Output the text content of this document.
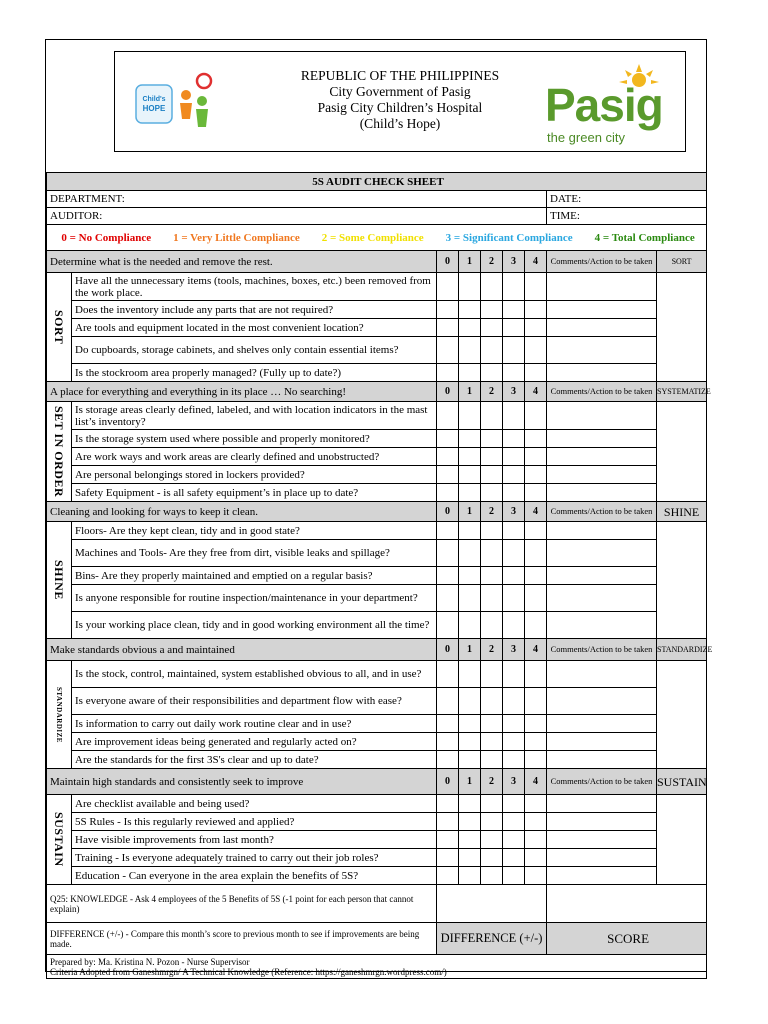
Child's
HOPE
REPUBLIC OF THE PHILIPPINES
City Government of Pasig
Pasig City Children’s Hospital
(Child’s Hope)	Pasig
the green city
5S AUDIT CHECK SHEET								
DEPARTMENT:							DATE:	
AUDITOR:							TIME:	
0 = No Compliance 1 = Very Little Compliance 2 = Some Compliance 3 = Significant Compliance 4 = Total Compliance								
Determine what is the needed and remove the rest.		0	1	2	3	4	Comments/Action to be taken	SORT

SORT	Have all the unnecessary items (tools, machines, boxes, etc.) been removed from the work place.							
	Does the inventory include any parts that are not required?							
	Are tools and equipment located in the most convenient location?							
	Do cupboards, storage cabinets, and shelves only contain essential items?							
	Is the stockroom area properly managed? (Fully up to date?)							
A place for everything and everything in its place … No searching!		0	1	2	3	4	Comments/Action to be taken	SYSTEMATIZE

SET IN ORDER	Is storage areas clearly defined, labeled, and with location indicators in the mast list’s inventory?							
	Is the storage system used where possible and properly monitored?							
	Are work ways and work areas are clearly defined and unobstructed?							
	Are personal belongings stored in lockers provided?							
	Safety Equipment - is all safety equipment’s in place up to date?							
Cleaning and looking for ways to keep it clean.		0	1	2	3	4	Comments/Action to be taken	SHINE

SHINE	Floors- Are they kept clean, tidy and in good state?							
	Machines and Tools- Are they free from dirt, visible leaks and spillage?							
	Bins- Are they properly maintained and emptied on a regular basis?							
	Is anyone responsible for routine inspection/maintenance in your department?							
	Is your working place clean, tidy and in good working environment all the time?							
Make standards obvious a and maintained		0	1	2	3	4	Comments/Action to be taken	STANDARDIZE

STANDARDIZE	Is the stock, control, maintained, system established obvious to all, and in use?							
	Is everyone aware of their responsibilities and department flow with ease?							
	Is information to carry out daily work routine clear and in use?							
	Are improvement ideas being generated and regularly acted on?							
	Are the standards for the first 3S's clear and up to date?							
Maintain high standards and consistently seek to improve		0	1	2	3	4	Comments/Action to be taken	SUSTAIN

SUSTAIN	Are checklist available and being used?							
	5S Rules - Is this regularly reviewed and applied?							
	Have visible improvements from last month?							
	Training - Is everyone adequately trained to carry out their job roles?							
	Education - Can everyone in the area explain the benefits of 5S?							
Q25: KNOWLEDGE - Ask 4 employees of the 5 Benefits of 5S (-1 point for each person that cannot explain)								
DIFFERENCE (+/-) - Compare this month’s score to previous month to see if improvements are being made.		DIFFERENCE (+/-)					SCORE	

Prepared by: Ma. Kristina N. Pozon - Nurse Supervisor
Criteria Adopted from Ganeshmrgn/ A Technical Knowledge (Reference: https://ganeshmrgn.wordpress.com/)								
